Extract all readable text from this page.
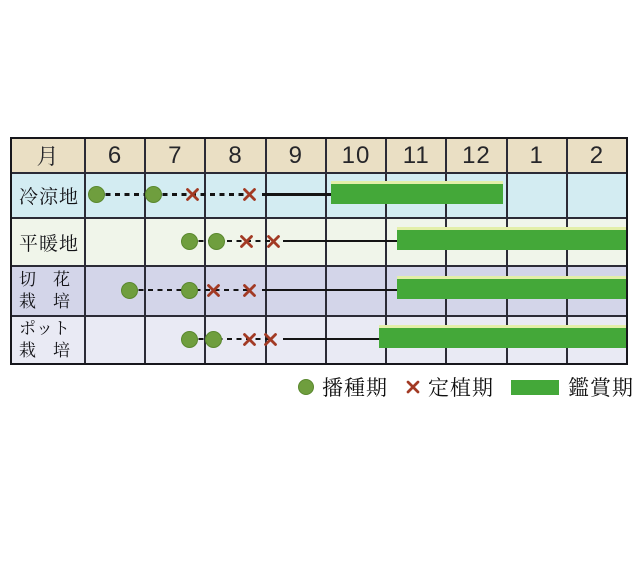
月	6	7	8	9	10	11	12	1	2
冷涼地
平暖地
切　花
栽　培
ポット
栽　培
播種期 定植期	鑑賞期
